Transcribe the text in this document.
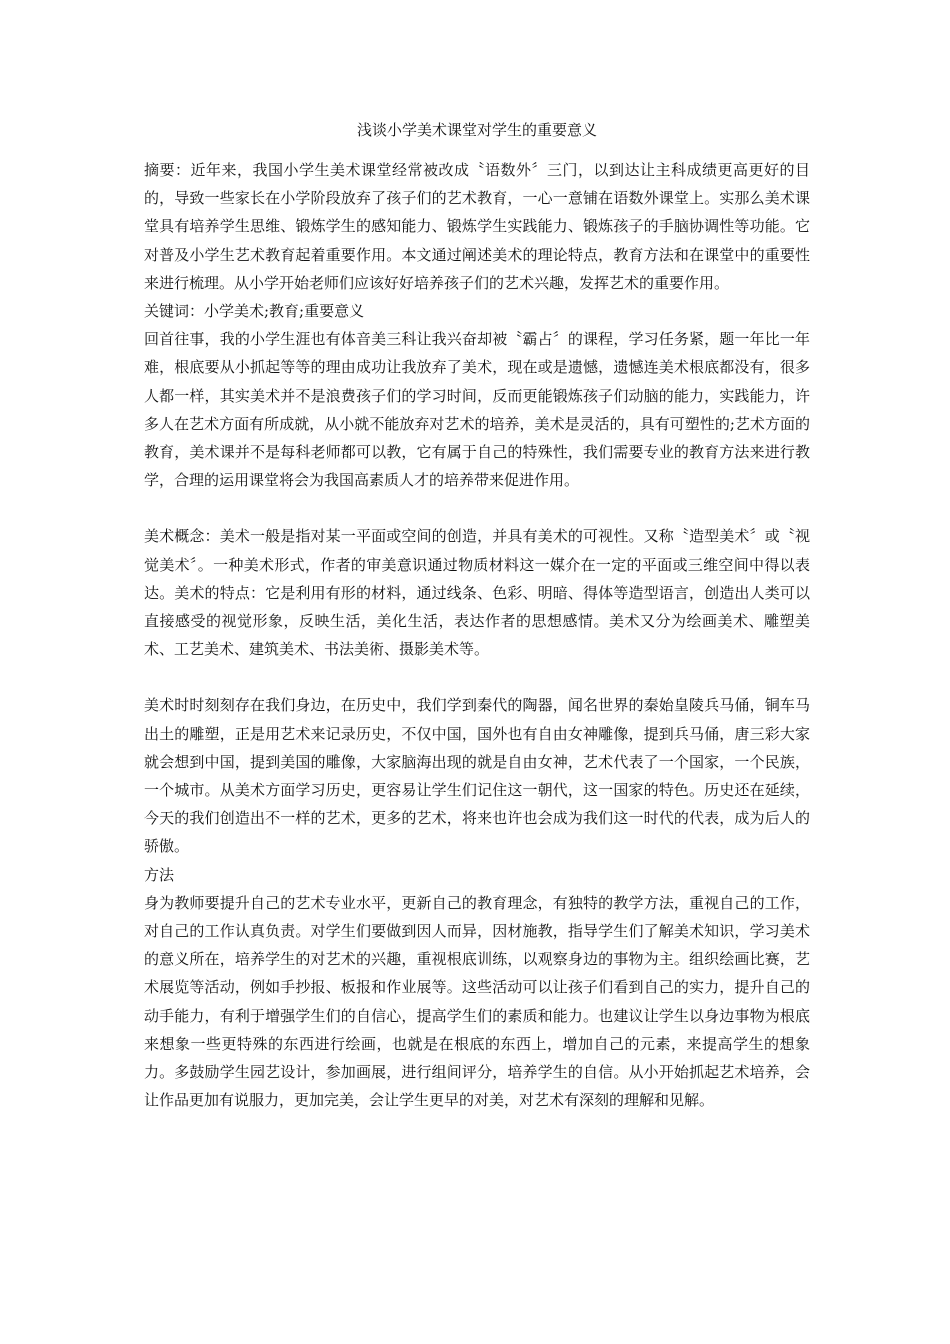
浅谈小学美术课堂对学生的重要意义

摘要：近年来，我国小学生美术课堂经常被改成〝语数外〞三门，以到达让主科成绩更高更好的目的，导致一些家长在小学阶段放弃了孩子们的艺术教育，一心一意铺在语数外课堂上。实那么美术课堂具有培养学生思维、锻炼学生的感知能力、锻炼学生实践能力、锻炼孩子的手脑协调性等功能。它对普及小学生艺术教育起着重要作用。本文通过阐述美术的理论特点，教育方法和在课堂中的重要性来进行梳理。从小学开始老师们应该好好培养孩子们的艺术兴趣，发挥艺术的重要作用。

关键词：小学美术;教育;重要意义

回首往事，我的小学生涯也有体音美三科让我兴奋却被〝霸占〞的课程，学习任务紧，题一年比一年难，根底要从小抓起等等的理由成功让我放弃了美术，现在或是遗憾，遗憾连美术根底都没有，很多人都一样，其实美术并不是浪费孩子们的学习时间，反而更能锻炼孩子们动脑的能力，实践能力，许多人在艺术方面有所成就，从小就不能放弃对艺术的培养，美术是灵活的，具有可塑性的;艺术方面的教育，美术课并不是每科老师都可以教，它有属于自己的特殊性，我们需要专业的教育方法来进行教学，合理的运用课堂将会为我国高素质人才的培养带来促进作用。

美术概念：美术一般是指对某一平面或空间的创造，并具有美术的可视性。又称〝造型美术〞或〝视觉美术〞。一种美术形式，作者的审美意识通过物质材料这一媒介在一定的平面或三维空间中得以表达。美术的特点：它是利用有形的材料，通过线条、色彩、明暗、得体等造型语言，创造出人类可以直接感受的视觉形象，反映生活，美化生活，表达作者的思想感情。美术又分为绘画美术、雕塑美术、工艺美术、建筑美术、书法美術、摄影美术等。

美术时时刻刻存在我们身边，在历史中，我们学到秦代的陶器，闻名世界的秦始皇陵兵马俑，铜车马出土的雕塑，正是用艺术来记录历史，不仅中国，国外也有自由女神雕像，提到兵马俑，唐三彩大家就会想到中国，提到美国的雕像，大家脑海出现的就是自由女神，艺术代表了一个国家，一个民族，一个城市。从美术方面学习历史，更容易让学生们记住这一朝代，这一国家的特色。历史还在延续，今天的我们创造出不一样的艺术，更多的艺术，将来也许也会成为我们这一时代的代表，成为后人的骄傲。

方法

身为教师要提升自己的艺术专业水平，更新自己的教育理念，有独特的教学方法，重视自己的工作，对自己的工作认真负责。对学生们要做到因人而异，因材施教，指导学生们了解美术知识，学习美术的意义所在，培养学生的对艺术的兴趣，重视根底训练，以观察身边的事物为主。组织绘画比赛，艺术展览等活动，例如手抄报、板报和作业展等。这些活动可以让孩子们看到自己的实力，提升自己的动手能力，有利于增强学生们的自信心，提高学生们的素质和能力。也建议让学生以身边事物为根底来想象一些更特殊的东西进行绘画，也就是在根底的东西上，增加自己的元素，来提高学生的想象力。多鼓励学生园艺设计，参加画展，进行组间评分，培养学生的自信。从小开始抓起艺术培养，会让作品更加有说服力，更加完美，会让学生更早的对美，对艺术有深刻的理解和见解。
